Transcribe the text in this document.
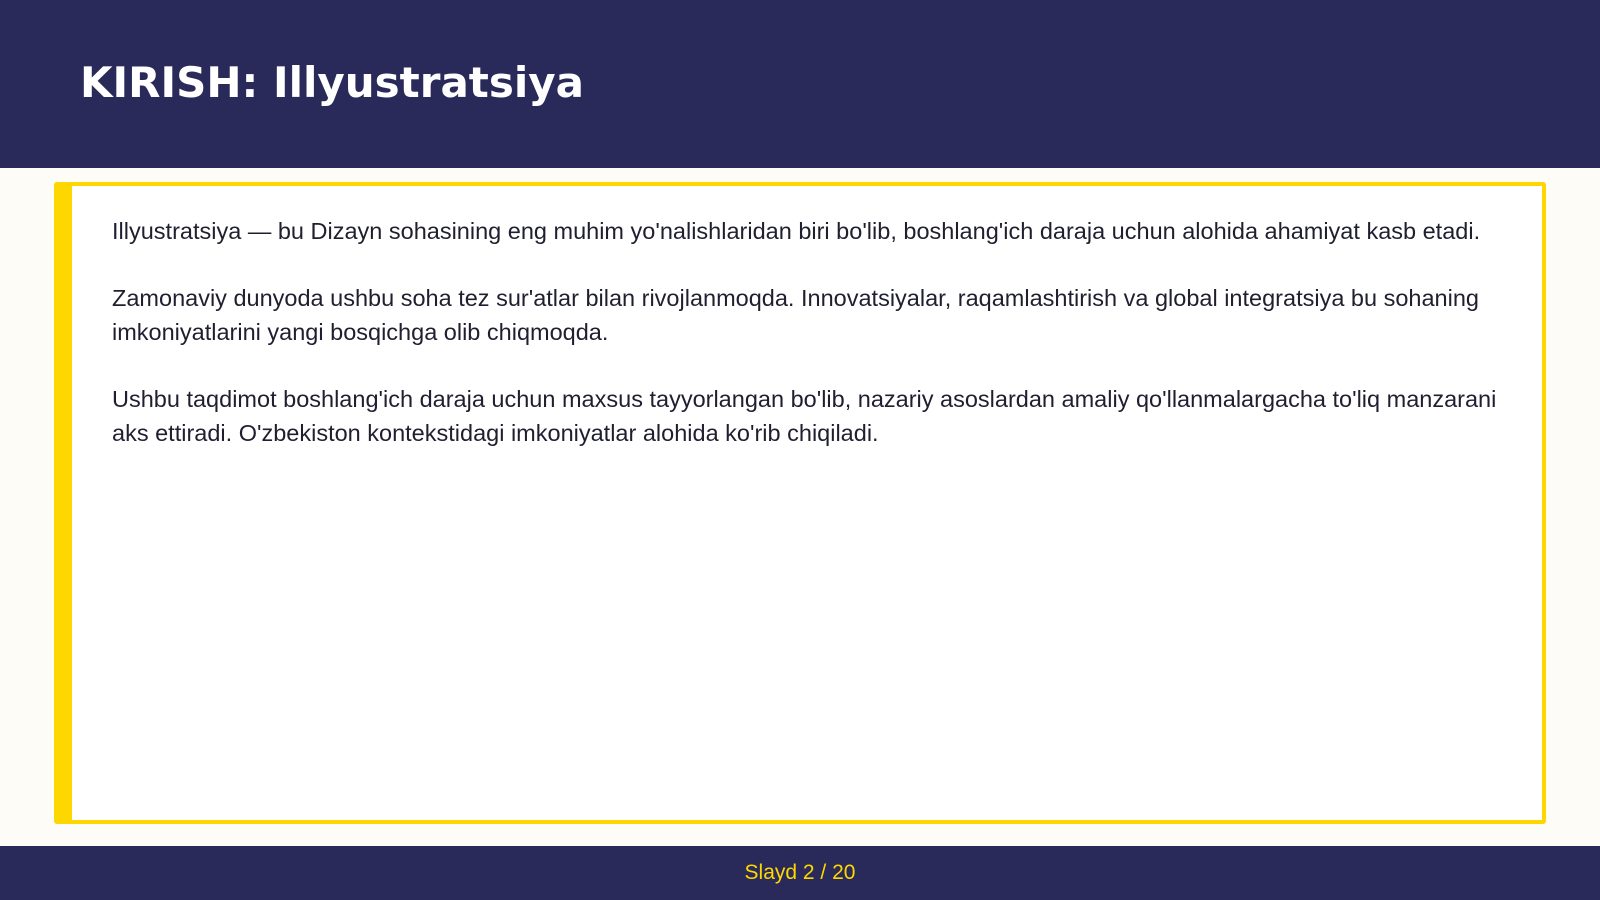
KIRISH: Illyustratsiya

Illyustratsiya — bu Dizayn sohasining eng muhim yo'nalishlaridan biri bo'lib, boshlang'ich daraja uchun alohida ahamiyat kasb etadi.

Zamonaviy dunyoda ushbu soha tez sur'atlar bilan rivojlanmoqda. Innovatsiyalar, raqamlashtirish va global integratsiya bu sohaning imkoniyatlarini yangi bosqichga olib chiqmoqda.

Ushbu taqdimot boshlang'ich daraja uchun maxsus tayyorlangan bo'lib, nazariy asoslardan amaliy qo'llanmalargacha to'liq manzarani aks ettiradi. O'zbekiston kontekstidagi imkoniyatlar alohida ko'rib chiqiladi.

Slayd 2 / 20
